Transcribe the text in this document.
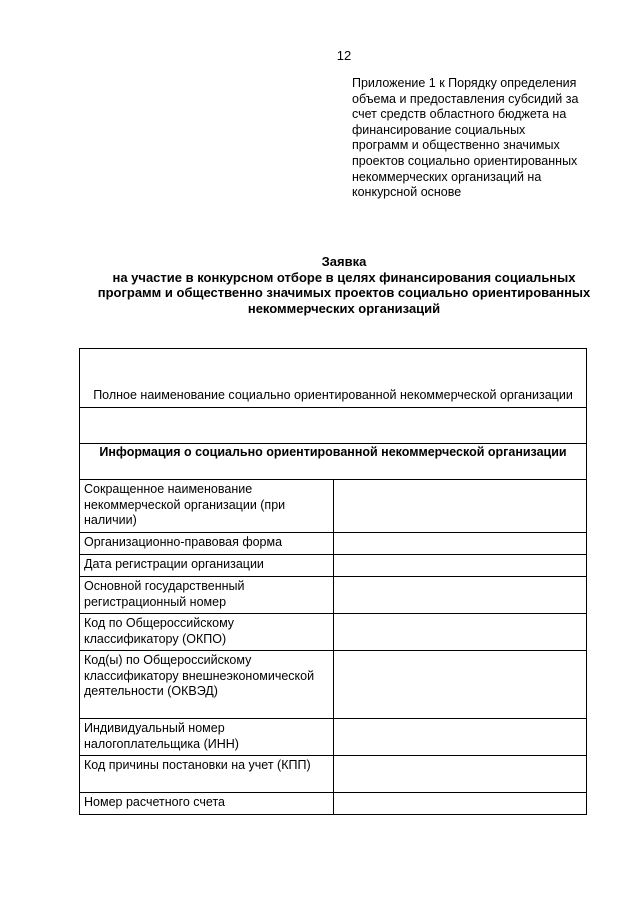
12
Приложение 1 к Порядку определения
объема и предоставления субсидий за
счет средств областного бюджета на
финансирование социальных
программ и общественно значимых
проектов социально ориентированных
некоммерческих организаций на
конкурсной основе
Заявка
на участие в конкурсном отборе в целях финансирования социальных
программ и общественно значимых проектов социально ориентированных
некоммерческих организаций
Полное наименование социально ориентированной некоммерческой организации	

Информация о социально ориентированной некоммерческой организации	
Сокращенное наименование некоммерческой организации (при наличии)	
Организационно-правовая форма	
Дата регистрации организации	
Основной государственный регистрационный номер	
Код по Общероссийскому классификатору (ОКПО)	
Код(ы) по Общероссийскому классификатору внешнеэкономической деятельности (ОКВЭД)	
Индивидуальный номер налогоплательщика (ИНН)	
Код причины постановки на учет (КПП)	
Номер расчетного счета	
